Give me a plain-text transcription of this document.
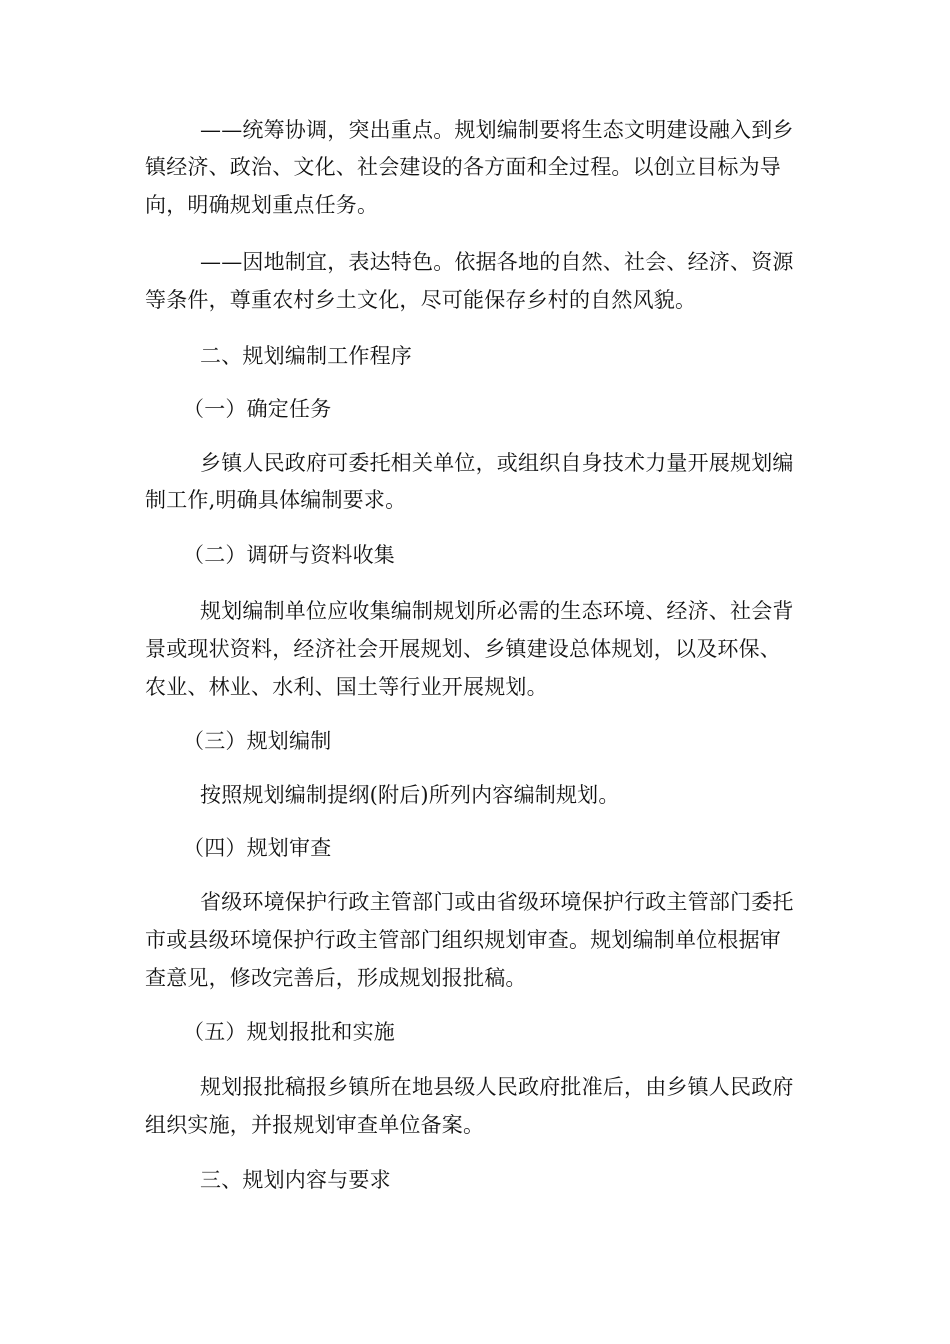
——统筹协调，突出重点。规划编制要将生态文明建设融入到乡
镇经济、政治、文化、社会建设的各方面和全过程。以创立目标为导
向，明确规划重点任务。
——因地制宜，表达特色。依据各地的自然、社会、经济、资源
等条件，尊重农村乡土文化，尽可能保存乡村的自然风貌。
二、规划编制工作程序
（一）确定任务
乡镇人民政府可委托相关单位，或组织自身技术力量开展规划编
制工作,明确具体编制要求。
（二）调研与资料收集
规划编制单位应收集编制规划所必需的生态环境、经济、社会背
景或现状资料，经济社会开展规划、乡镇建设总体规划，以及环保、
农业、林业、水利、国土等行业开展规划。
（三）规划编制
按照规划编制提纲(附后)所列内容编制规划。
（四）规划审查
省级环境保护行政主管部门或由省级环境保护行政主管部门委托
市或县级环境保护行政主管部门组织规划审查。规划编制单位根据审
查意见，修改完善后，形成规划报批稿。
（五）规划报批和实施
规划报批稿报乡镇所在地县级人民政府批准后，由乡镇人民政府
组织实施，并报规划审查单位备案。
三、规划内容与要求
